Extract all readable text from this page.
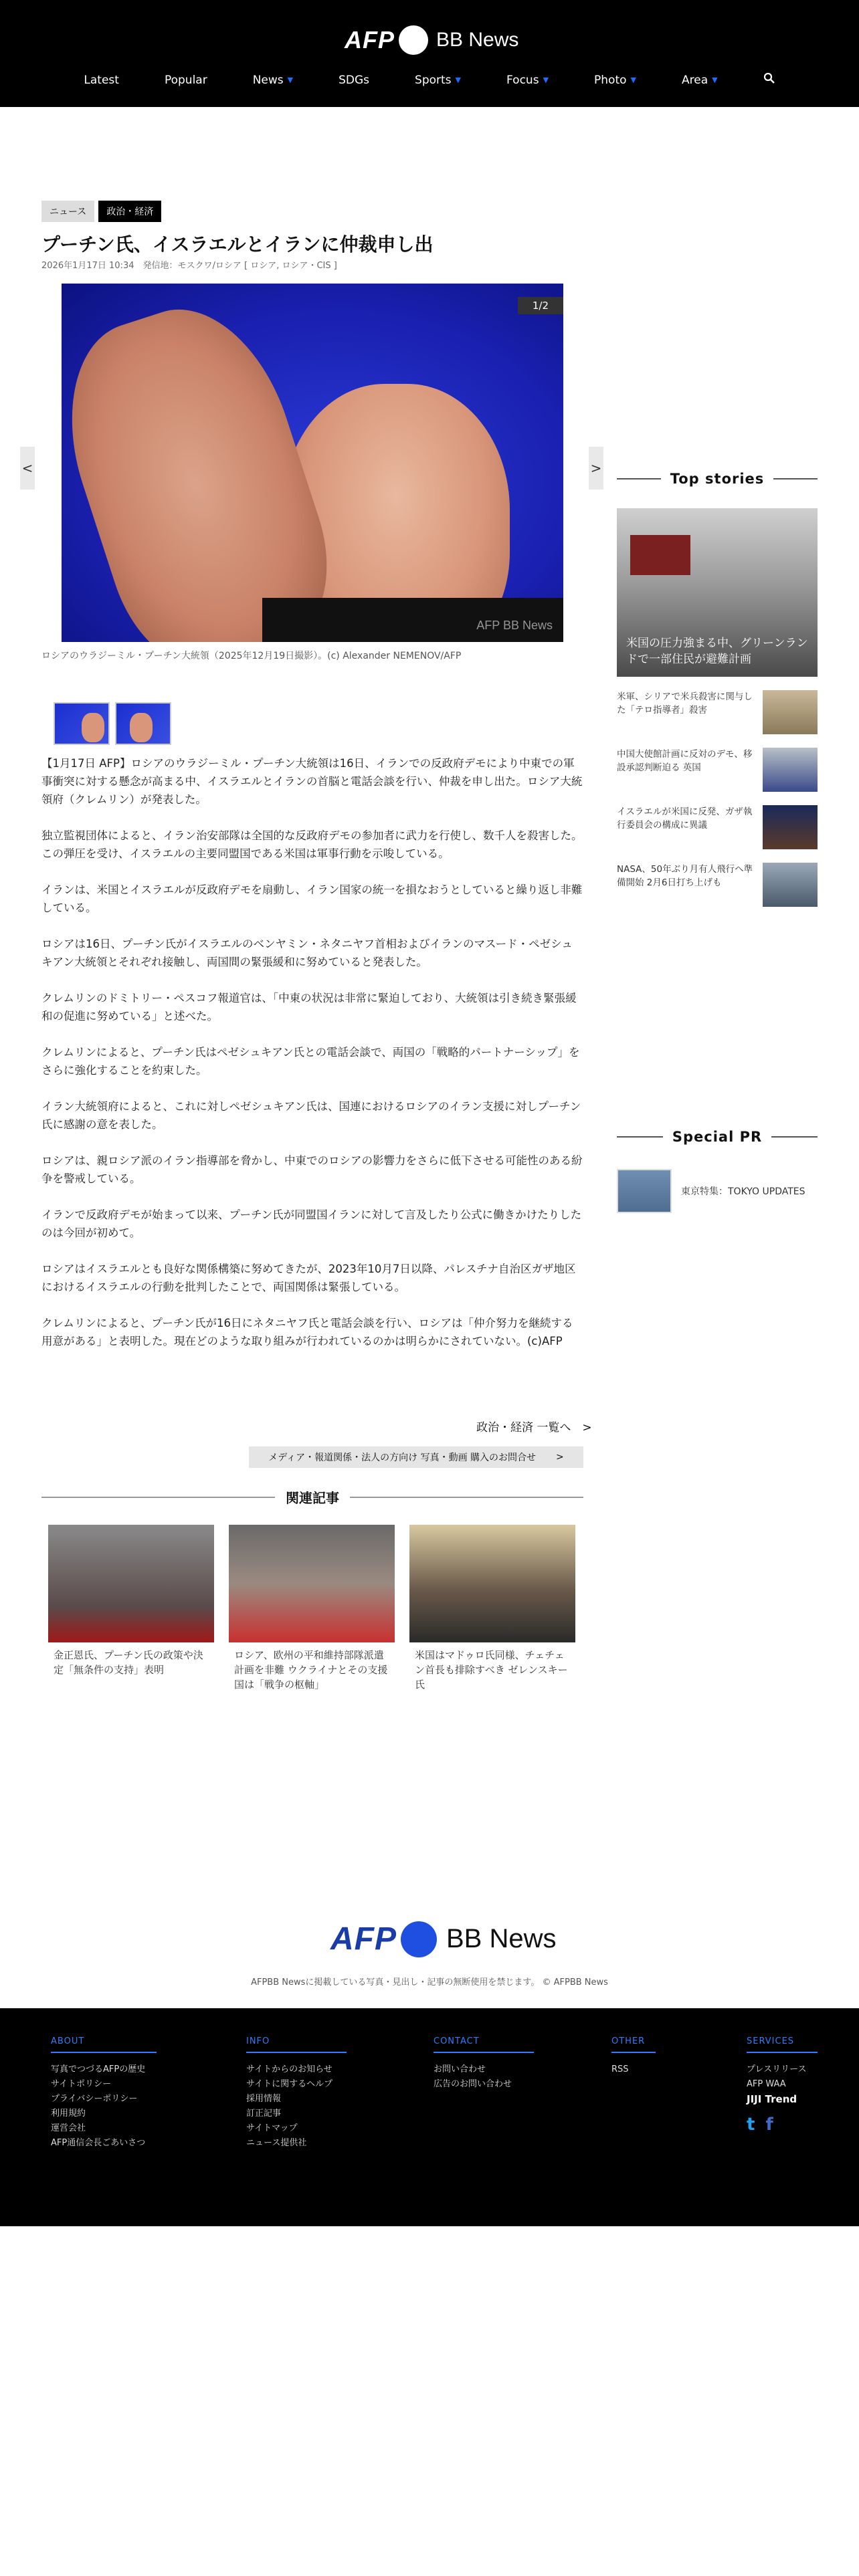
AFP BB News
Latest	Popular	News ▼	SDGs	Sports ▼	Focus ▼	Photo ▼	Area ▼
ニュース	政治・経済
プーチン氏、イスラエルとイランに仲裁申し出
2026年1月17日 10:34　発信地：モスクワ/ロシア [ ロシア, ロシア・CIS ]
<	>
1/2
AFP BB News
ロシアのウラジーミル・プーチン大統領（2025年12月19日撮影）。(c) Alexander NEMENOV/AFP

【1月17日 AFP】ロシアのウラジーミル・プーチン大統領は16日、イランでの反政府デモにより中東での軍事衝突に対する懸念が高まる中、イスラエルとイランの首脳と電話会談を行い、仲裁を申し出た。ロシア大統領府（クレムリン）が発表した。

独立監視団体によると、イラン治安部隊は全国的な反政府デモの参加者に武力を行使し、数千人を殺害した。この弾圧を受け、イスラエルの主要同盟国である米国は軍事行動を示唆している。

イランは、米国とイスラエルが反政府デモを扇動し、イラン国家の統一を損なおうとしていると繰り返し非難している。

ロシアは16日、プーチン氏がイスラエルのベンヤミン・ネタニヤフ首相およびイランのマスード・ペゼシュキアン大統領とそれぞれ接触し、両国間の緊張緩和に努めていると発表した。

クレムリンのドミトリー・ペスコフ報道官は、「中東の状況は非常に緊迫しており、大統領は引き続き緊張緩和の促進に努めている」と述べた。

クレムリンによると、プーチン氏はペゼシュキアン氏との電話会談で、両国の「戦略的パートナーシップ」をさらに強化することを約束した。

イラン大統領府によると、これに対しペゼシュキアン氏は、国連におけるロシアのイラン支援に対しプーチン氏に感謝の意を表した。

ロシアは、親ロシア派のイラン指導部を脅かし、中東でのロシアの影響力をさらに低下させる可能性のある紛争を警戒している。

イランで反政府デモが始まって以来、プーチン氏が同盟国イランに対して言及したり公式に働きかけたりしたのは今回が初めて。

ロシアはイスラエルとも良好な関係構築に努めてきたが、2023年10月7日以降、パレスチナ自治区ガザ地区におけるイスラエルの行動を批判したことで、両国関係は緊張している。

クレムリンによると、プーチン氏が16日にネタニヤフ氏と電話会談を行い、ロシアは「仲介努力を継続する用意がある」と表明した。現在どのような取り組みが行われているのかは明らかにされていない。(c)AFP

政治・経済 一覧へ　>
メディア・報道関係・法人の方向け 写真・動画 購入のお問合せ >
関連記事
金正恩氏、プーチン氏の政策や決定「無条件の支持」表明
ロシア、欧州の平和維持部隊派遣計画を非難 ウクライナとその支援国は「戦争の枢軸」
米国はマドゥロ氏同様、チェチェン首長も排除すべき ゼレンスキー氏
Top stories
米国の圧力強まる中、グリーンランドで一部住民が避難計画
米軍、シリアで米兵殺害に関与した「テロ指導者」殺害
中国大使館計画に反対のデモ、移設承認判断迫る 英国
イスラエルが米国に反発、ガザ執行委員会の構成に異議
NASA、50年ぶり月有人飛行へ準備開始 2月6日打ち上げも
Special PR
東京特集：TOKYO UPDATES
AFP BB News
AFPBB Newsに掲載している写真・見出し・記事の無断使用を禁じます。 © AFPBB News
ABOUT
写真でつづるAFPの歴史
サイトポリシー
プライバシーポリシー
利用規約
運営会社
AFP通信会長ごあいさつ
INFO
サイトからのお知らせ
サイトに関するヘルプ
採用情報
訂正記事
サイトマップ
ニュース提供社
CONTACT
お問い合わせ
広告のお問い合わせ
OTHER
RSS
SERVICES
プレスリリース
AFP WAA
JIJI Trend
t f
